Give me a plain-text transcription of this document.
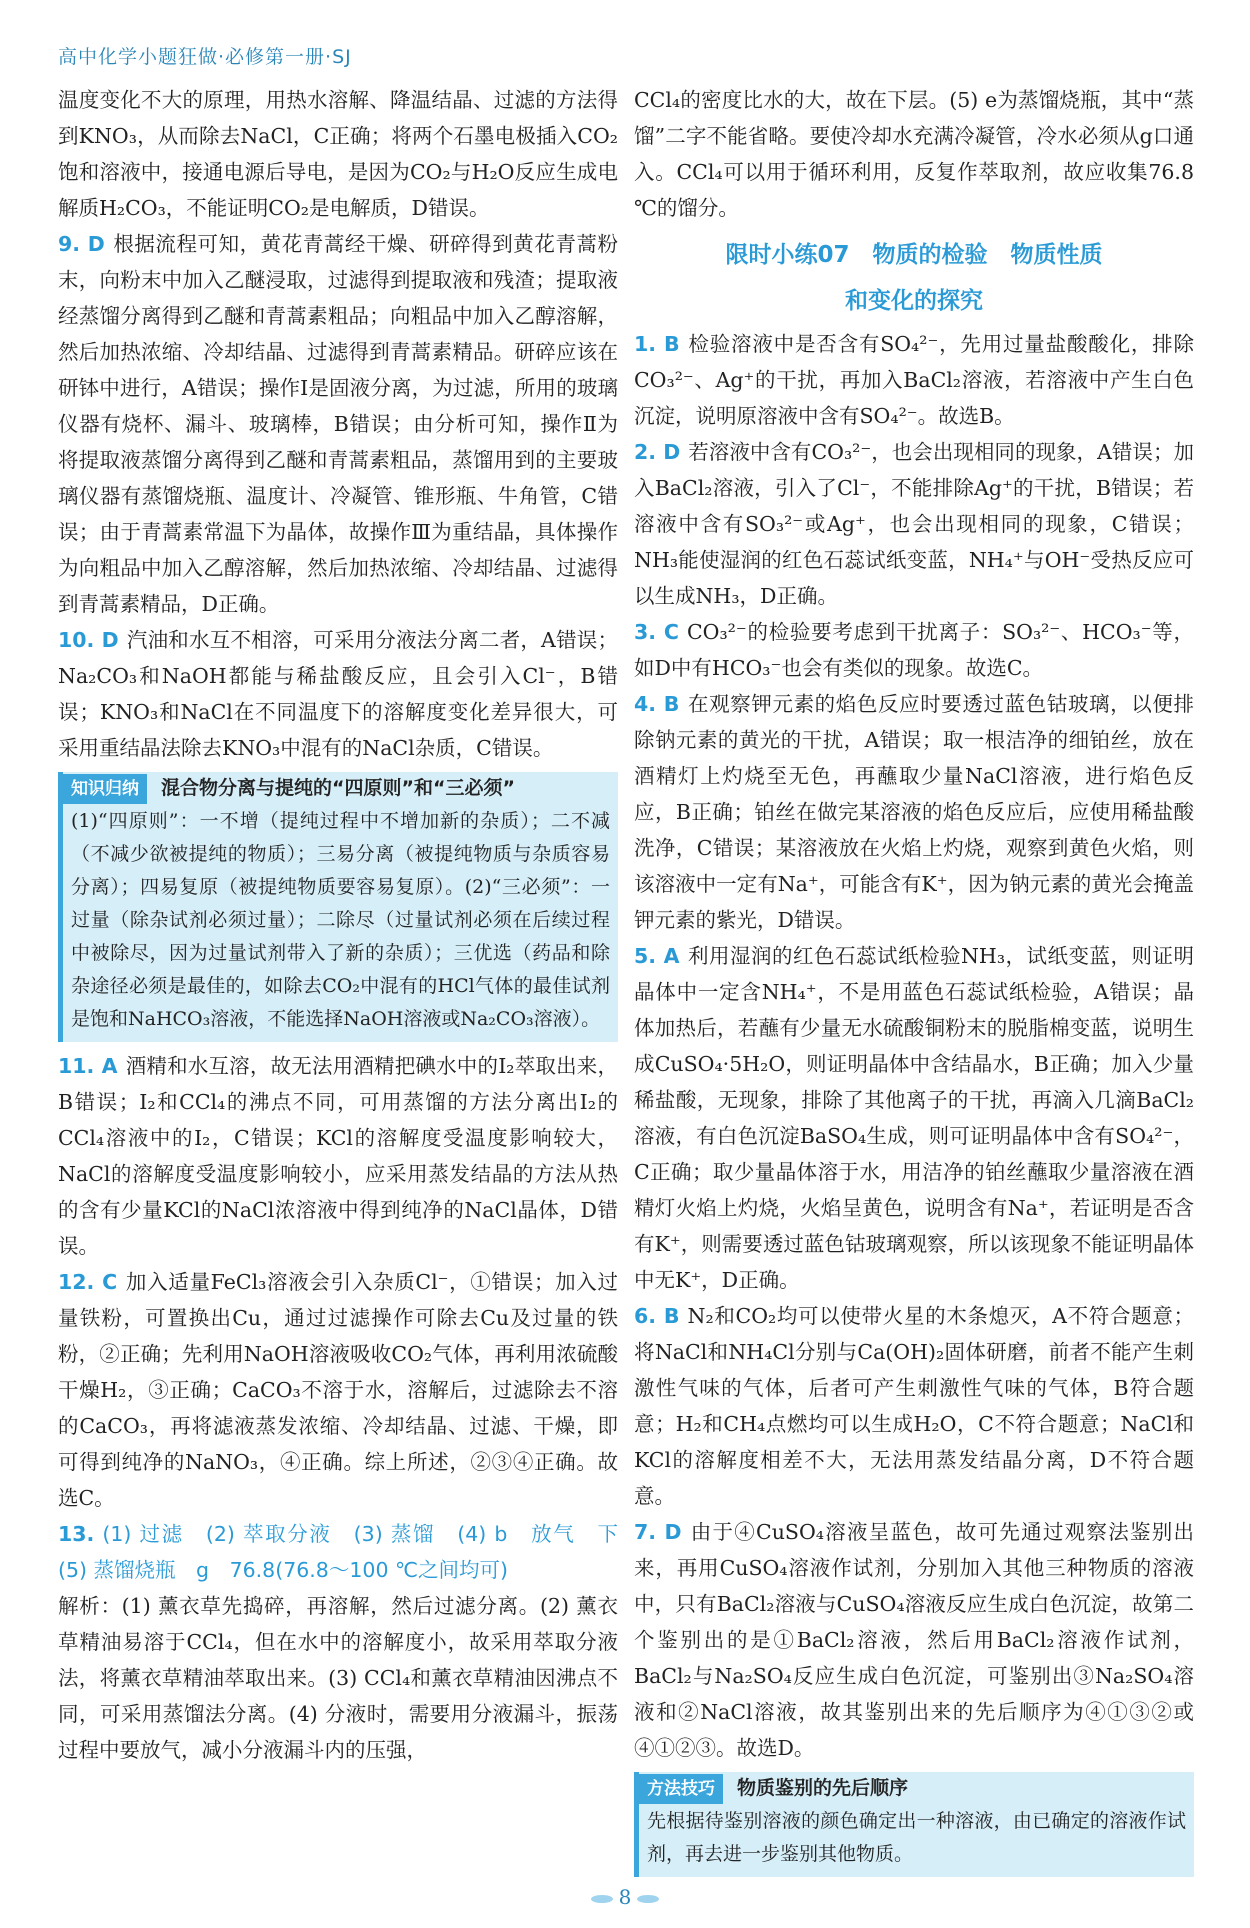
高中化学小题狂做·必修第一册·SJ

温度变化不大的原理，用热水溶解、降温结晶、过滤的方法得到KNO₃，从而除去NaCl，C正确；将两个石墨电极插入CO₂饱和溶液中，接通电源后导电，是因为CO₂与H₂O反应生成电解质H₂CO₃，不能证明CO₂是电解质，D错误。

9. D 根据流程可知，黄花青蒿经干燥、研碎得到黄花青蒿粉末，向粉末中加入乙醚浸取，过滤得到提取液和残渣；提取液经蒸馏分离得到乙醚和青蒿素粗品；向粗品中加入乙醇溶解，然后加热浓缩、冷却结晶、过滤得到青蒿素精品。研碎应该在研钵中进行，A错误；操作Ⅰ是固液分离，为过滤，所用的玻璃仪器有烧杯、漏斗、玻璃棒，B错误；由分析可知，操作Ⅱ为将提取液蒸馏分离得到乙醚和青蒿素粗品，蒸馏用到的主要玻璃仪器有蒸馏烧瓶、温度计、冷凝管、锥形瓶、牛角管，C错误；由于青蒿素常温下为晶体，故操作Ⅲ为重结晶，具体操作为向粗品中加入乙醇溶解，然后加热浓缩、冷却结晶、过滤得到青蒿素精品，D正确。

10. D 汽油和水互不相溶，可采用分液法分离二者，A错误；Na₂CO₃和NaOH都能与稀盐酸反应，且会引入Cl⁻，B错误；KNO₃和NaCl在不同温度下的溶解度变化差异很大，可采用重结晶法除去KNO₃中混有的NaCl杂质，C错误。

知识归纳	混合物分离与提纯的“四原则”和“三必须”
(1)“四原则”：一不增（提纯过程中不增加新的杂质）；二不减（不减少欲被提纯的物质）；三易分离（被提纯物质与杂质容易分离）；四易复原（被提纯物质要容易复原）。(2)“三必须”：一过量（除杂试剂必须过量）；二除尽（过量试剂必须在后续过程中被除尽，因为过量试剂带入了新的杂质）；三优选（药品和除杂途径必须是最佳的，如除去CO₂中混有的HCl气体的最佳试剂是饱和NaHCO₃溶液，不能选择NaOH溶液或Na₂CO₃溶液）。

11. A 酒精和水互溶，故无法用酒精把碘水中的I₂萃取出来，B错误；I₂和CCl₄的沸点不同，可用蒸馏的方法分离出I₂的CCl₄溶液中的I₂，C错误；KCl的溶解度受温度影响较大，NaCl的溶解度受温度影响较小，应采用蒸发结晶的方法从热的含有少量KCl的NaCl浓溶液中得到纯净的NaCl晶体，D错误。

12. C 加入适量FeCl₃溶液会引入杂质Cl⁻，①错误；加入过量铁粉，可置换出Cu，通过过滤操作可除去Cu及过量的铁粉，②正确；先利用NaOH溶液吸收CO₂气体，再利用浓硫酸干燥H₂，③正确；CaCO₃不溶于水，溶解后，过滤除去不溶的CaCO₃，再将滤液蒸发浓缩、冷却结晶、过滤、干燥，即可得到纯净的NaNO₃，④正确。综上所述，②③④正确。故选C。

13. (1) 过滤　(2) 萃取分液　(3) 蒸馏　(4) b　放气　下　(5) 蒸馏烧瓶　g　76.8(76.8～100 ℃之间均可)

解析：(1) 薰衣草先捣碎，再溶解，然后过滤分离。(2) 薰衣草精油易溶于CCl₄，但在水中的溶解度小，故采用萃取分液法，将薰衣草精油萃取出来。(3) CCl₄和薰衣草精油因沸点不同，可采用蒸馏法分离。(4) 分液时，需要用分液漏斗，振荡过程中要放气，减小分液漏斗内的压强，

CCl₄的密度比水的大，故在下层。(5) e为蒸馏烧瓶，其中“蒸馏”二字不能省略。要使冷却水充满冷凝管，冷水必须从g口通入。CCl₄可以用于循环利用，反复作萃取剂，故应收集76.8 ℃的馏分。

限时小练07　物质的检验　物质性质
和变化的探究

1. B 检验溶液中是否含有SO₄²⁻，先用过量盐酸酸化，排除CO₃²⁻、Ag⁺的干扰，再加入BaCl₂溶液，若溶液中产生白色沉淀，说明原溶液中含有SO₄²⁻。故选B。

2. D 若溶液中含有CO₃²⁻，也会出现相同的现象，A错误；加入BaCl₂溶液，引入了Cl⁻，不能排除Ag⁺的干扰，B错误；若溶液中含有SO₃²⁻或Ag⁺，也会出现相同的现象，C错误；NH₃能使湿润的红色石蕊试纸变蓝，NH₄⁺与OH⁻受热反应可以生成NH₃，D正确。

3. C CO₃²⁻的检验要考虑到干扰离子：SO₃²⁻、HCO₃⁻等，如D中有HCO₃⁻也会有类似的现象。故选C。

4. B 在观察钾元素的焰色反应时要透过蓝色钴玻璃，以便排除钠元素的黄光的干扰，A错误；取一根洁净的细铂丝，放在酒精灯上灼烧至无色，再蘸取少量NaCl溶液，进行焰色反应，B正确；铂丝在做完某溶液的焰色反应后，应使用稀盐酸洗净，C错误；某溶液放在火焰上灼烧，观察到黄色火焰，则该溶液中一定有Na⁺，可能含有K⁺，因为钠元素的黄光会掩盖钾元素的紫光，D错误。

5. A 利用湿润的红色石蕊试纸检验NH₃，试纸变蓝，则证明晶体中一定含NH₄⁺，不是用蓝色石蕊试纸检验，A错误；晶体加热后，若蘸有少量无水硫酸铜粉末的脱脂棉变蓝，说明生成CuSO₄·5H₂O，则证明晶体中含结晶水，B正确；加入少量稀盐酸，无现象，排除了其他离子的干扰，再滴入几滴BaCl₂溶液，有白色沉淀BaSO₄生成，则可证明晶体中含有SO₄²⁻，C正确；取少量晶体溶于水，用洁净的铂丝蘸取少量溶液在酒精灯火焰上灼烧，火焰呈黄色，说明含有Na⁺，若证明是否含有K⁺，则需要透过蓝色钴玻璃观察，所以该现象不能证明晶体中无K⁺，D正确。

6. B N₂和CO₂均可以使带火星的木条熄灭，A不符合题意；将NaCl和NH₄Cl分别与Ca(OH)₂固体研磨，前者不能产生刺激性气味的气体，后者可产生刺激性气味的气体，B符合题意；H₂和CH₄点燃均可以生成H₂O，C不符合题意；NaCl和KCl的溶解度相差不大，无法用蒸发结晶分离，D不符合题意。

7. D 由于④CuSO₄溶液呈蓝色，故可先通过观察法鉴别出来，再用CuSO₄溶液作试剂，分别加入其他三种物质的溶液中，只有BaCl₂溶液与CuSO₄溶液反应生成白色沉淀，故第二个鉴别出的是①BaCl₂溶液，然后用BaCl₂溶液作试剂，BaCl₂与Na₂SO₄反应生成白色沉淀，可鉴别出③Na₂SO₄溶液和②NaCl溶液，故其鉴别出来的先后顺序为④①③②或④①②③。故选D。

方法技巧	物质鉴别的先后顺序
先根据待鉴别溶液的颜色确定出一种溶液，由已确定的溶液作试剂，再去进一步鉴别其他物质。
8
